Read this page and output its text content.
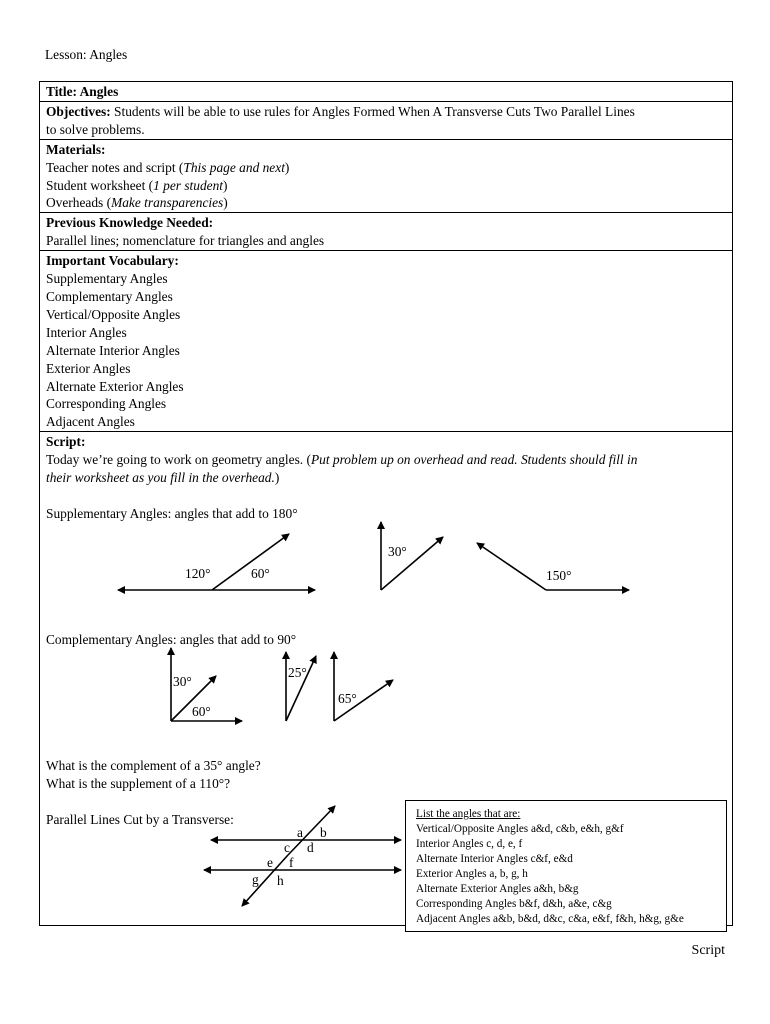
Lesson: Angles
Title: Angles
Objectives: Students will be able to use rules for Angles Formed When A Transverse Cuts Two Parallel Lines
to solve problems.
Materials:
Teacher notes and script (This page and next)
Student worksheet (1 per student)
Overheads (Make transparencies)
Previous Knowledge Needed:
Parallel lines; nomenclature for triangles and angles
Important Vocabulary:
Supplementary Angles
Complementary Angles
Vertical/Opposite Angles
Interior Angles
Alternate Interior Angles
Exterior Angles
Alternate Exterior Angles
Corresponding Angles
Adjacent Angles
Script:
Today we’re going to work on geometry angles. (Put problem up on overhead and read. Students should fill in
their worksheet as you fill in the overhead.)
Supplementary Angles: angles that add to 180°
Complementary Angles: angles that add to 90°
What is the complement of a 35° angle?
What is the supplement of a 110°?
Parallel Lines Cut by a Transverse:
120°	60°
30°
150°
30°
60°
25°
65°
a b
c d
e f
g h
List the angles that are:
Vertical/Opposite Angles a&d, c&b, e&h, g&f
Interior Angles c, d, e, f
Alternate Interior Angles c&f, e&d
Exterior Angles a, b, g, h
Alternate Exterior Angles a&h, b&g
Corresponding Angles b&f, d&h, a&e, c&g
Adjacent Angles a&b, b&d, d&c, c&a, e&f, f&h, h&g, g&e
Script
